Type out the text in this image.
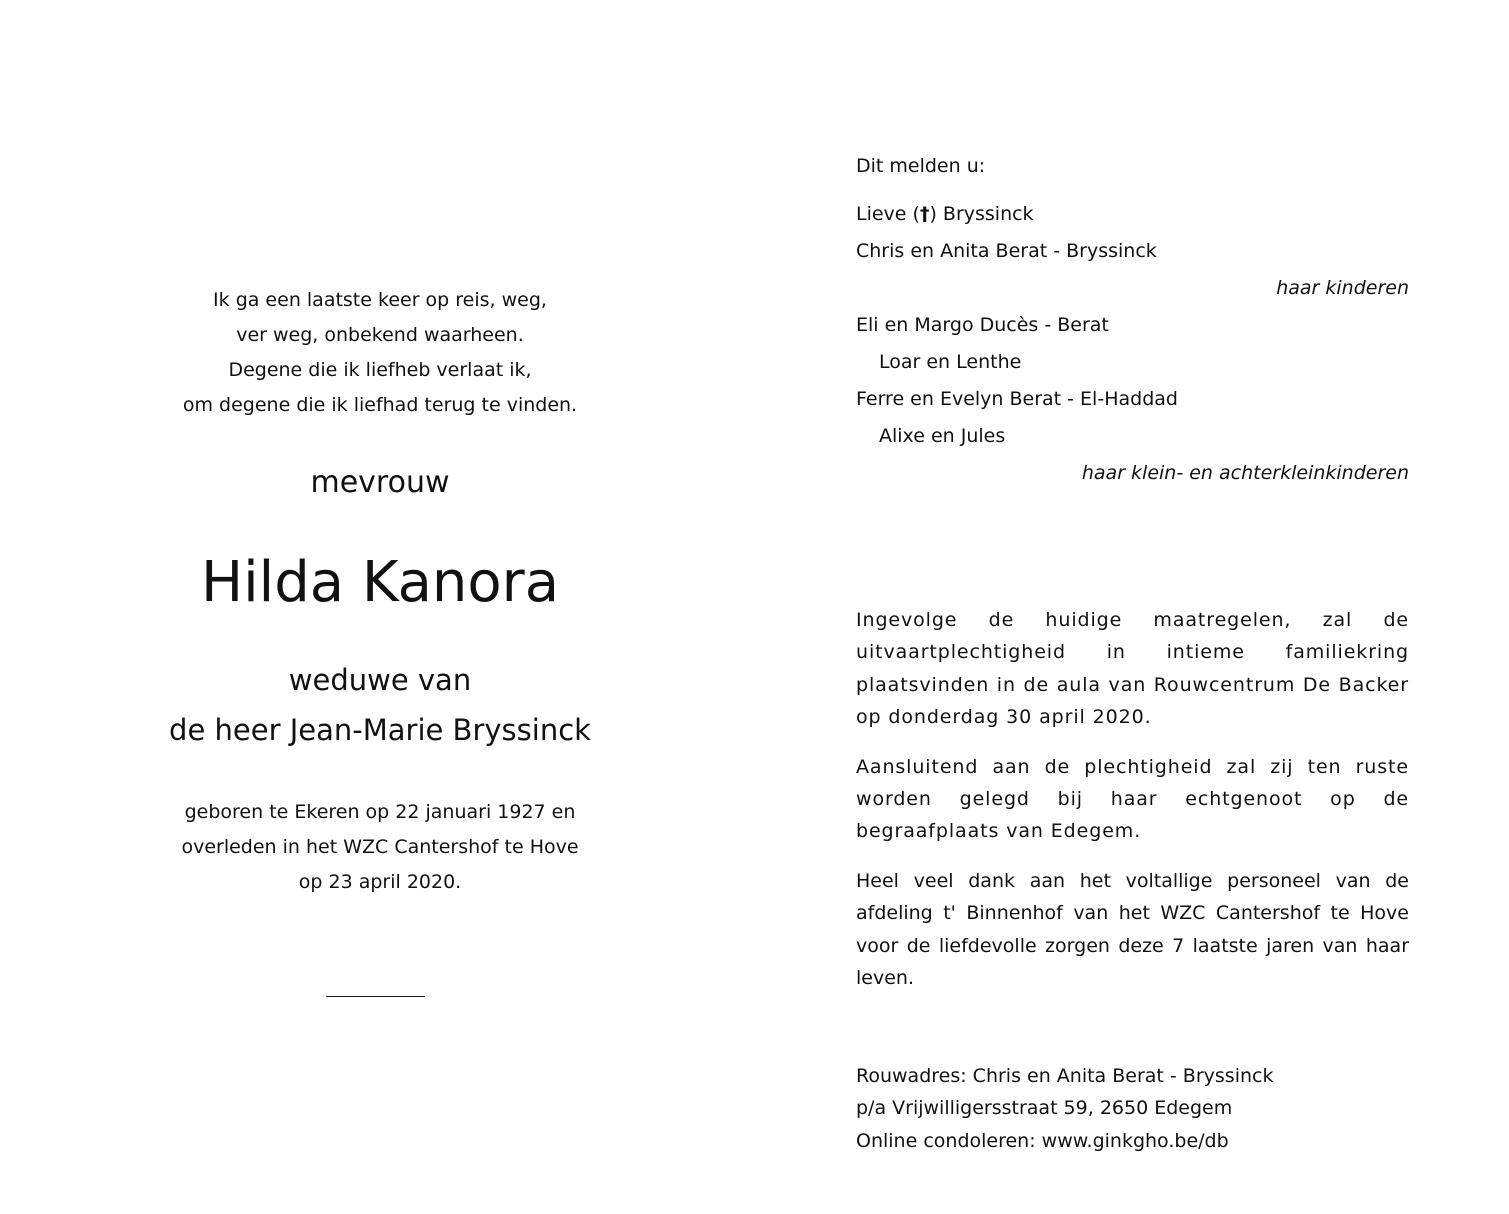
Ik ga een laatste keer op reis, weg,
ver weg, onbekend waarheen.
Degene die ik liefheb verlaat ik,
om degene die ik liefhad terug te vinden.
mevrouw
Hilda Kanora
weduwe van
de heer Jean-Marie Bryssinck
geboren te Ekeren op 22 januari 1927 en
overleden in het WZC Cantershof te Hove
op 23 april 2020.
Dit melden u:
Lieve (†) Bryssinck
Chris en Anita Berat - Bryssinck
haar kinderen
Eli en Margo Ducès - Berat
Loar en Lenthe
Ferre en Evelyn Berat - El-Haddad
Alixe en Jules
haar klein- en achterkleinkinderen

Ingevolge de huidige maatregelen, zal de uitvaartplechtigheid in intieme familiekring plaatsvinden in de aula van Rouwcentrum De Backer op donderdag 30 april 2020.

Aansluitend aan de plechtigheid zal zij ten ruste worden gelegd bij haar echtgenoot op de begraafplaats van Edegem.

Heel veel dank aan het voltallige personeel van de afdeling t' Binnenhof van het WZC Cantershof te Hove voor de liefdevolle zorgen deze 7 laatste jaren van haar leven.

Rouwadres: Chris en Anita Berat - Bryssinck
p/a Vrijwilligersstraat 59, 2650 Edegem
Online condoleren: www.ginkgho.be/db
